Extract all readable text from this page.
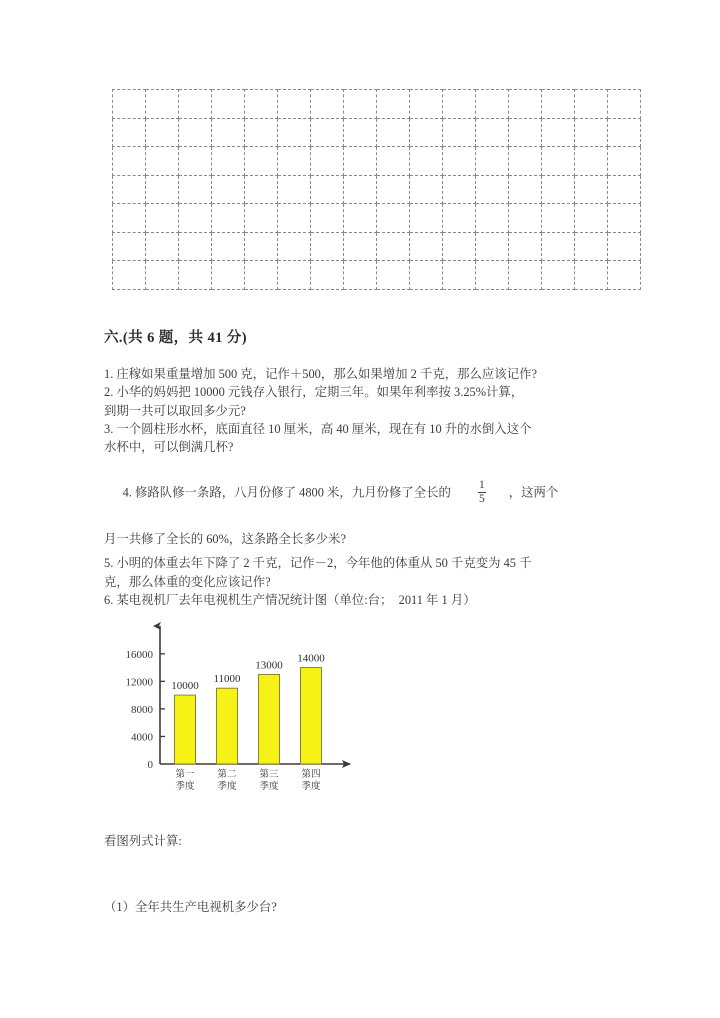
六.(共 6 题，共 41 分)
1. 庄稼如果重量增加 500 克，记作＋500，那么如果增加 2 千克，那么应该记作?
2. 小华的妈妈把 10000 元钱存入银行，定期三年。如果年利率按 3.25%计算，
到期一共可以取回多少元?
3. 一个圆柱形水杯，底面直径 10 厘米，高 40 厘米，现在有 10 升的水倒入这个
水杯中，可以倒满几杯?

4. 修路队修一条路，八月份修了 4800 米，九月份修了全长的 $\frac{1}{5}$ ，这两个

月一共修了全长的 60%，这条路全长多少米?
5. 小明的体重去年下降了 2 千克，记作－2，今年他的体重从 50 千克变为 45 千
克，那么体重的变化应该记作?
6. 某电视机厂去年电视机生产情况统计图（单位:台；  2011 年 1 月）
0
4000
8000
12000
16000
10000
第一
季度
11000
第二
季度
13000
第三
季度
14000
第四
季度
看图列式计算:
（1）全年共生产电视机多少台?
